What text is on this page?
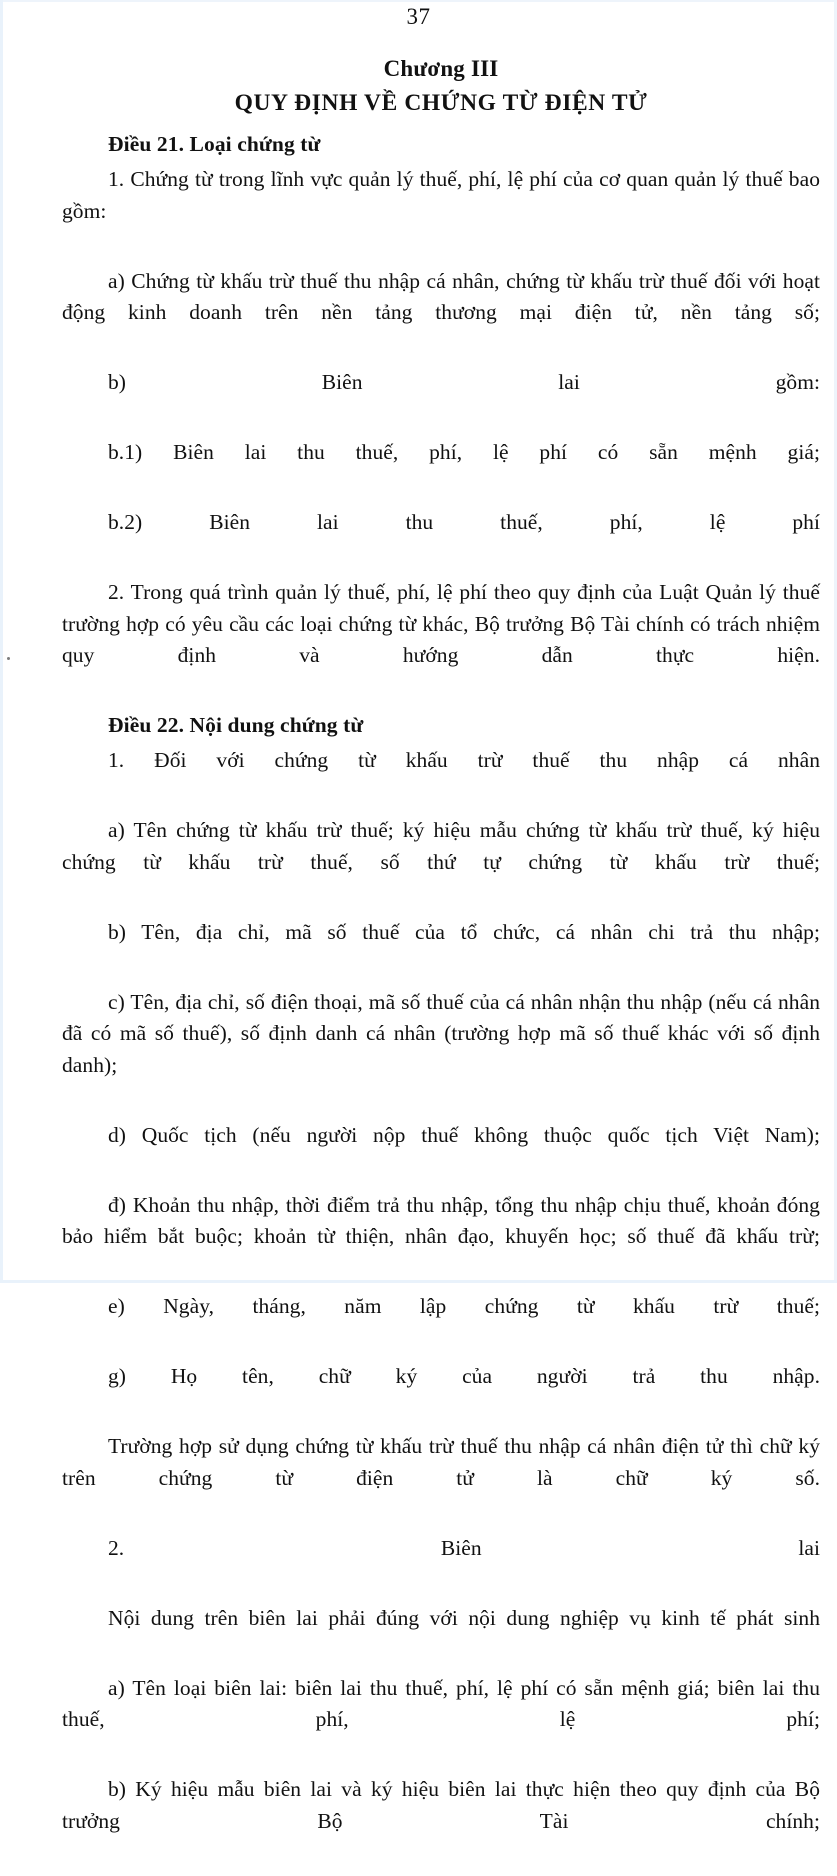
37
Chương III
QUY ĐỊNH VỀ CHỨNG TỪ ĐIỆN TỬ
Điều 21. Loại chứng từ

1. Chứng từ trong lĩnh vực quản lý thuế, phí, lệ phí của cơ quan quản lý thuế bao gồm:

a) Chứng từ khấu trừ thuế thu nhập cá nhân, chứng từ khấu trừ thuế đối với hoạt động kinh doanh trên nền tảng thương mại điện tử, nền tảng số;

b) Biên lai gồm:

b.1) Biên lai thu thuế, phí, lệ phí có sẵn mệnh giá;

b.2) Biên lai thu thuế, phí, lệ phí

2. Trong quá trình quản lý thuế, phí, lệ phí theo quy định của Luật Quản lý thuế trường hợp có yêu cầu các loại chứng từ khác, Bộ trưởng Bộ Tài chính có trách nhiệm quy định và hướng dẫn thực hiện.

Điều 22. Nội dung chứng từ

1. Đối với chứng từ khấu trừ thuế thu nhập cá nhân

a) Tên chứng từ khấu trừ thuế; ký hiệu mẫu chứng từ khấu trừ thuế, ký hiệu chứng từ khấu trừ thuế, số thứ tự chứng từ khấu trừ thuế;

b) Tên, địa chỉ, mã số thuế của tổ chức, cá nhân chi trả thu nhập;

c) Tên, địa chỉ, số điện thoại, mã số thuế của cá nhân nhận thu nhập (nếu cá nhân đã có mã số thuế), số định danh cá nhân (trường hợp mã số thuế khác với số định danh);

d) Quốc tịch (nếu người nộp thuế không thuộc quốc tịch Việt Nam);

đ) Khoản thu nhập, thời điểm trả thu nhập, tổng thu nhập chịu thuế, khoản đóng bảo hiểm bắt buộc; khoản từ thiện, nhân đạo, khuyến học; số thuế đã khấu trừ;

e) Ngày, tháng, năm lập chứng từ khấu trừ thuế;

g) Họ tên, chữ ký của người trả thu nhập.

Trường hợp sử dụng chứng từ khấu trừ thuế thu nhập cá nhân điện tử thì chữ ký trên chứng từ điện tử là chữ ký số.

2. Biên lai

Nội dung trên biên lai phải đúng với nội dung nghiệp vụ kinh tế phát sinh

a) Tên loại biên lai: biên lai thu thuế, phí, lệ phí có sẵn mệnh giá; biên lai thu thuế, phí, lệ phí;

b) Ký hiệu mẫu biên lai và ký hiệu biên lai thực hiện theo quy định của Bộ trưởng Bộ Tài chính;
